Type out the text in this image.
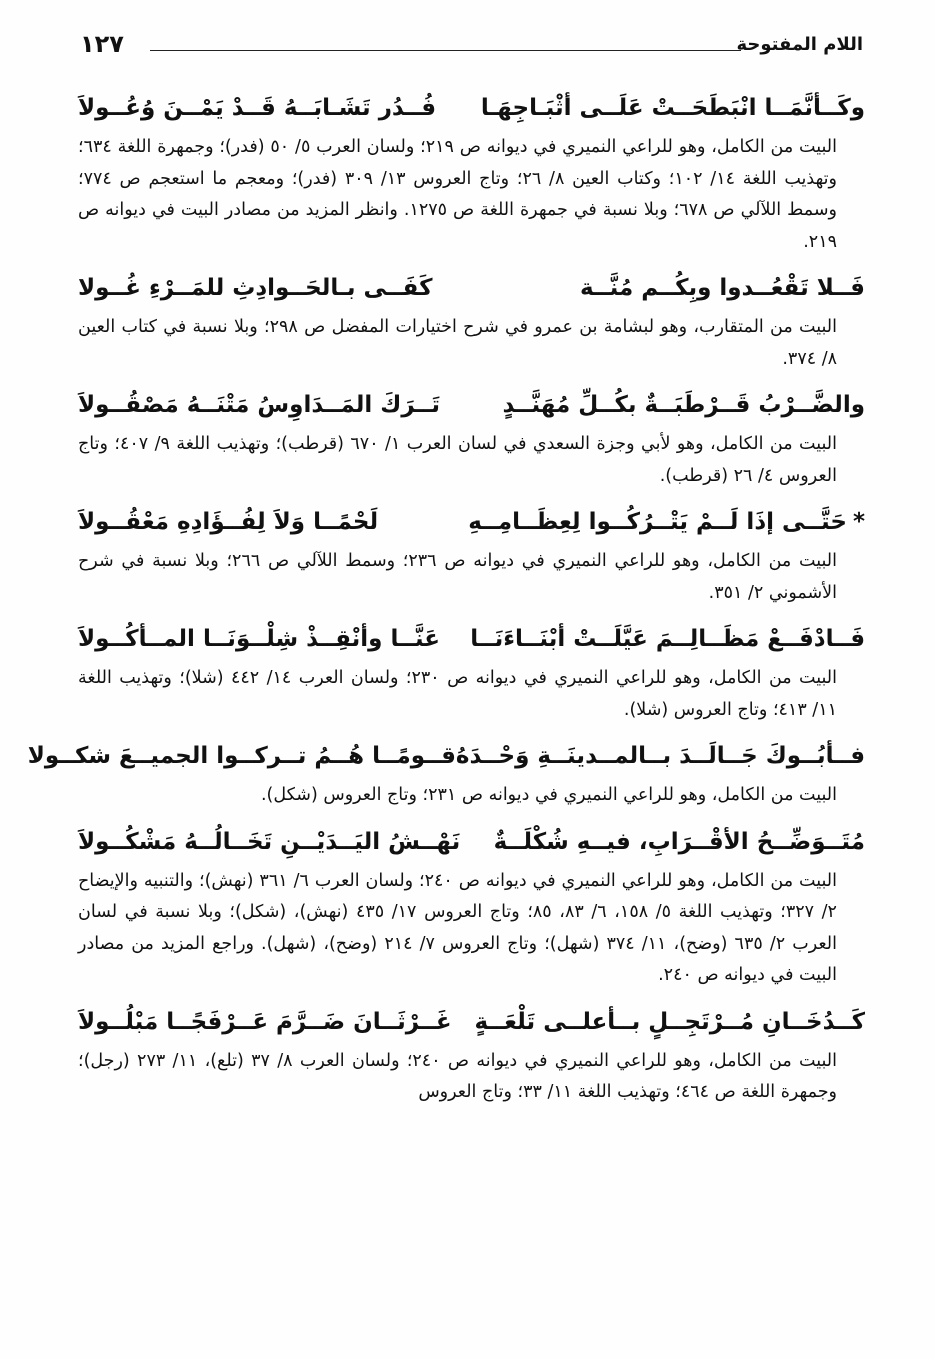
١٢٧	اللام المفتوحة
وكَــأنَّمَــا انْبَطَحَــتْ عَلَــى أثْبَـاجِهَـا
فُــدُر تَشَـابَــهُ قَــدْ يَمْــنَ وُعُــولاَ

البيت من الكامل، وهو للراعي النميري في ديوانه ص ٢١٩؛ ولسان العرب ٥/ ٥٠ (فدر)؛ وجمهرة اللغة ٦٣٤؛ وتهذيب اللغة ١٤/ ١٠٢؛ وكتاب العين ٨/ ٢٦؛ وتاج العروس ١٣/ ٣٠٩ (فدر)؛ ومعجم ما استعجم ص ٧٧٤؛ وسمط اللآلي ص ٦٧٨؛ وبلا نسبة في جمهرة اللغة ص ١٢٧٥. وانظر المزيد من مصادر البيت في ديوانه ص ٢١٩.

فَــلا تَقْعُــدوا وبِكُــم مُنَّــة
كَفَــى بـالحَــوادِثِ للمَــرْءِ غُــولا

البيت من المتقارب، وهو لبشامة بن عمرو في شرح اختيارات المفضل ص ٢٩٨؛ وبلا نسبة في كتاب العين ٨/ ٣٧٤.

والضَّــرْبُ قَــرْطَبَــةٌ بكُــلِّ مُهَنَّــدٍ
تَــرَكَ المَــدَاوِسُ مَتْنَــهُ مَصْقُــولاَ

البيت من الكامل، وهو لأبي وجزة السعدي في لسان العرب ١/ ٦٧٠ (قرطب)؛ وتهذيب اللغة ٩/ ٤٠٧؛ وتاج العروس ٤/ ٢٦ (قرطب).

*حَتَّــى إذَا لَــمْ يَتْــرُكُــوا لِعِظَــامِــهِ
لَحْمًــا وَلاَ لِفُــؤَادِهِ مَعْقُــولاَ

البيت من الكامل، وهو للراعي النميري في ديوانه ص ٢٣٦؛ وسمط اللآلي ص ٢٦٦؛ وبلا نسبة في شرح الأشموني ٢/ ٣٥١.

فَــادْفَــعْ مَظَــالِــمَ عَيَّلَــتْ أبْنَــاءَنَــا
عَنَّــا وأنْقِــذْ شِلْــوَنَــا المــأكُــولاَ

البيت من الكامل، وهو للراعي النميري في ديوانه ص ٢٣٠؛ ولسان العرب ١٤/ ٤٤٢ (شلا)؛ وتهذيب اللغة ١١/ ٤١٣؛ وتاج العروس (شلا).

فــأبُــوكَ جَــالَــدَ بــالمــدينَــةِ وَحْــدَهُ
قــومًــا هُــمُ تــركــوا الجميــعَ شكــولا

البيت من الكامل، وهو للراعي النميري في ديوانه ص ٢٣١؛ وتاج العروس (شكل).

مُتَــوَضِّــحُ الأقْــرَابِ، فيــهِ شُكْلَــةٌ
نَهْــشُ اليَــدَيْــنِ تَخَــالُــهُ مَشْكُــولاَ

البيت من الكامل، وهو للراعي النميري في ديوانه ص ٢٤٠؛ ولسان العرب ٦/ ٣٦١ (نهش)؛ والتنبيه والإيضاح ٢/ ٣٢٧؛ وتهذيب اللغة ٥/ ١٥٨، ٦/ ٨٣، ٨٥؛ وتاج العروس ١٧/ ٤٣٥ (نهش)، (شكل)؛ وبلا نسبة في لسان العرب ٢/ ٦٣٥ (وضح)، ١١/ ٣٧٤ (شهل)؛ وتاج العروس ٧/ ٢١٤ (وضح)، (شهل). وراجع المزيد من مصادر البيت في ديوانه ص ٢٤٠.

كَــدُخَــانِ مُــرْتَجِــلٍ بــأعلــى تَلْعَــةٍ
غَــرْثَــانَ ضَــرَّمَ عَــرْفَجًــا مَبْلُــولاَ

البيت من الكامل، وهو للراعي النميري في ديوانه ص ٢٤٠؛ ولسان العرب ٨/ ٣٧ (تلع)، ١١/ ٢٧٣ (رجل)؛ وجمهرة اللغة ص ٤٦٤؛ وتهذيب اللغة ١١/ ٣٣؛ وتاج العروس
